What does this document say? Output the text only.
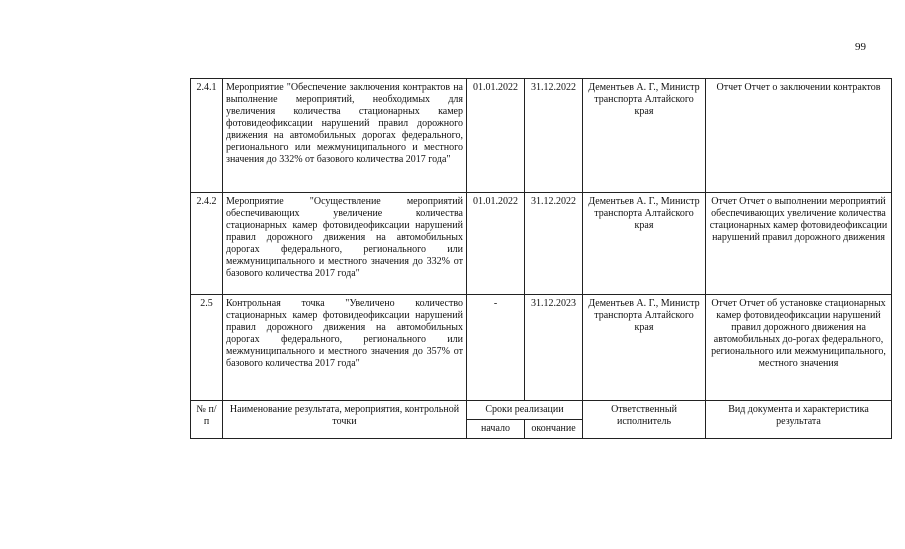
99
2.4.1	Мероприятие "Обеспечение заключения контрактов на выполнение мероприятий, необходимых для увеличения количества стационарных камер фотовидеофиксации нарушений правил дорожного движения на автомобильных дорогах федерального, регионального или межмуниципального и местного значения до 332% от базового количества 2017 года"	01.01.2022	31.12.2022	Дементьев А. Г., Министр транспорта Алтайского края	Отчет Отчет о заключении контрактов
2.4.2	Мероприятие "Осуществление мероприятий обеспечивающих увеличение количества стационарных камер фотовидеофиксации нарушений правил дорожного движения на автомобильных дорогах федерального, регионального или межмуниципального и местного значения до 332% от базового количества 2017 года"	01.01.2022	31.12.2022	Дементьев А. Г., Министр транспорта Алтайского края	Отчет Отчет о выполнении мероприятий обеспечивающих увеличение количества стационарных камер фотовидеофиксации нарушений правил дорожного движения
2.5	Контрольная точка "Увеличено количество стационарных камер фотовидеофиксации нарушений правил дорожного движения на автомобильных дорогах федерального, регионального или межмуниципального и местного значения до 357% от базового количества 2017 года"	-	31.12.2023	Дементьев А. Г., Министр транспорта Алтайского края	Отчет Отчет об установке стационарных камер фотовидеофиксации нарушений правил дорожного движения на автомобильных до-рогах федерального, регионального или межмуниципального, местного значения
№ п/п	Наименование результата, мероприятия, контрольной точки	Сроки реализации		Ответственный исполнитель	Вид документа и характеристика результата
		начало	окончание		
